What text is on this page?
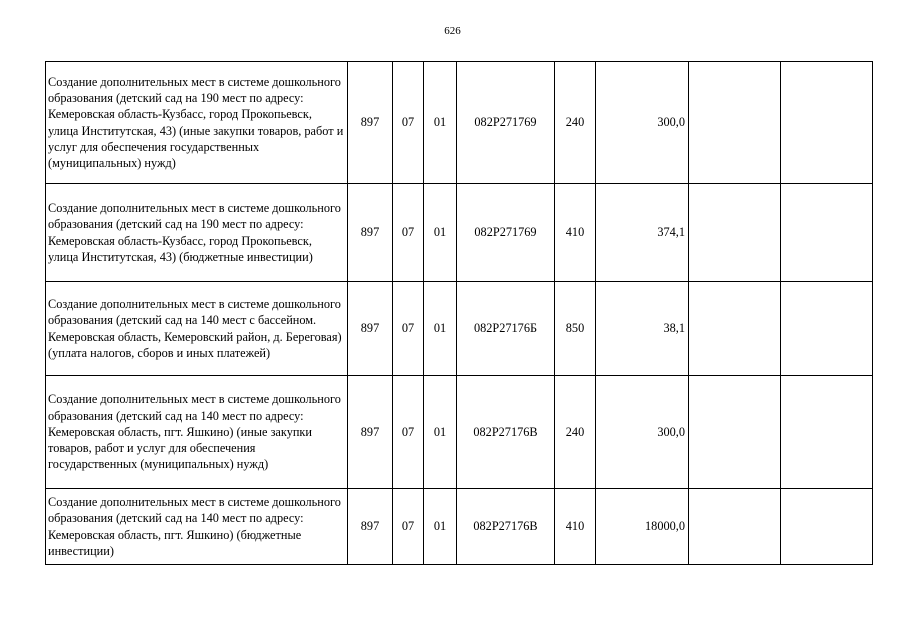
626
Создание дополнительных мест в системе дошкольного образования (детский сад на 190 мест по адресу: Кемеровская область-Кузбасс, город Прокопьевск, улица Институтская, 43) (иные закупки товаров, работ и услуг для обеспечения государственных (муниципальных) нужд)	897	07	01	082Р271769	240	300,0		
Создание дополнительных мест в системе дошкольного образования (детский сад на 190 мест по адресу: Кемеровская область-Кузбасс, город Прокопьевск, улица Институтская, 43) (бюджетные инвестиции)	897	07	01	082Р271769	410	374,1		
Создание дополнительных мест в системе дошкольного образования (детский сад на 140 мест с бассейном. Кемеровская область, Кемеровский район, д. Береговая) (уплата налогов, сборов и иных платежей)	897	07	01	082Р27176Б	850	38,1		
Создание дополнительных мест в системе дошкольного образования (детский сад на 140 мест по адресу: Кемеровская область, пгт. Яшкино) (иные закупки товаров, работ и услуг для обеспечения государственных (муниципальных) нужд)	897	07	01	082Р27176В	240	300,0		
Создание дополнительных мест в системе дошкольного образования (детский сад на 140 мест по адресу: Кемеровская область, пгт. Яшкино) (бюджетные инвестиции)	897	07	01	082Р27176В	410	18000,0		
